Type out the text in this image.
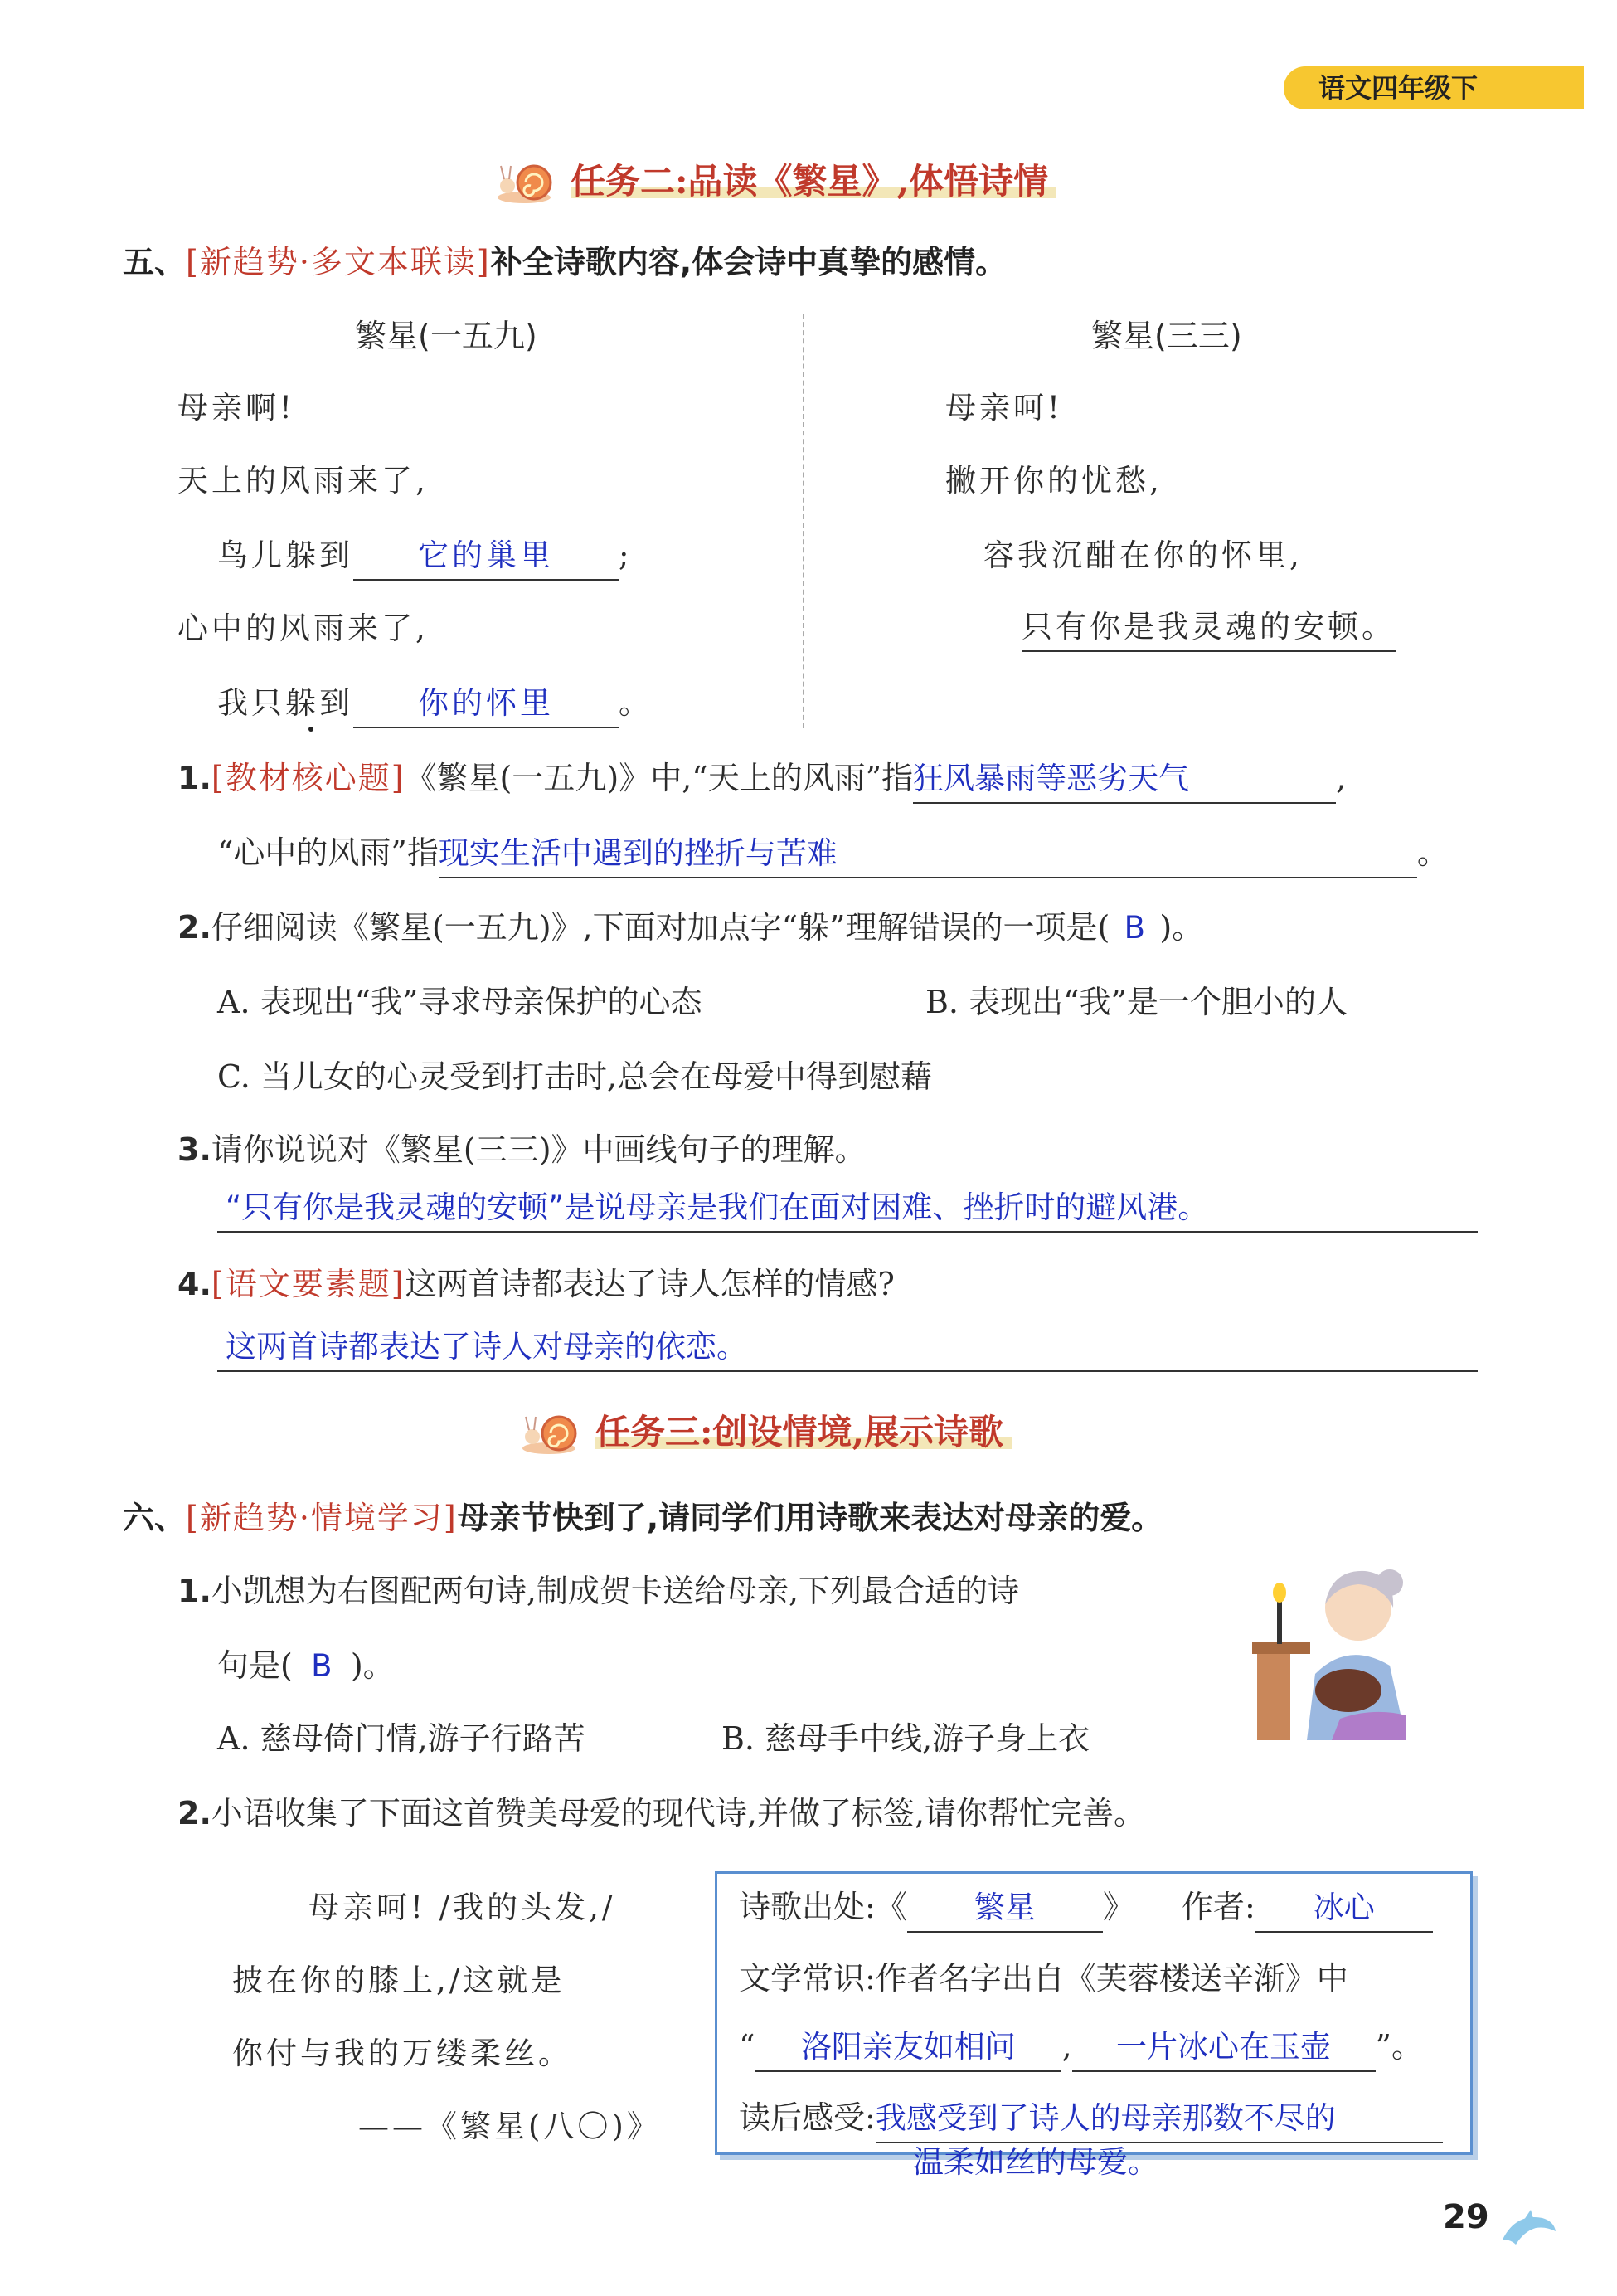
语文四年级下
任务二:品读《繁星》,体悟诗情
五、[新趋势·多文本联读]补全诗歌内容,体会诗中真挚的感情。
繁星(一五九)
母亲啊!
天上的风雨来了,
鸟儿躲到 它的巢里 ;
心中的风雨来了,
我只躲到 你的怀里 。
繁星(三三)
母亲呵!
撇开你的忧愁,
容我沉酣在你的怀里,
只有你是我灵魂的安顿。
1.[教材核心题]《繁星(一五九)》中,“天上的风雨”指狂风暴雨等恶劣天气	,
“心中的风雨”指现实生活中遇到的挫折与苦难	。
2.仔细阅读《繁星(一五九)》,下面对加点字“躲”理解错误的一项是( B )。
A. 表现出“我”寻求母亲保护的心态	B. 表现出“我”是一个胆小的人
C. 当儿女的心灵受到打击时,总会在母爱中得到慰藉
3.请你说说对《繁星(三三)》中画线句子的理解。
“只有你是我灵魂的安顿”是说母亲是我们在面对困难、挫折时的避风港。
4.[语文要素题]这两首诗都表达了诗人怎样的情感?
这两首诗都表达了诗人对母亲的依恋。
任务三:创设情境,展示诗歌
六、[新趋势·情境学习]母亲节快到了,请同学们用诗歌来表达对母亲的爱。
1.小凯想为右图配两句诗,制成贺卡送给母亲,下列最合适的诗
句是( B )。
A. 慈母倚门情,游子行路苦	B. 慈母手中线,游子身上衣
2.小语收集了下面这首赞美母爱的现代诗,并做了标签,请你帮忙完善。
母亲呵! /我的头发,/
披在你的膝上,/这就是
你付与我的万缕柔丝。
——《繁星(八〇)》
诗歌出处:《 繁星 》 作者: 冰心
文学常识:作者名字出自《芙蓉楼送辛渐》中
“ 洛阳亲友如相问 , 一片冰心在玉壶 ”。
读后感受:我感受到了诗人的母亲那数不尽的
温柔如丝的母爱。
29
